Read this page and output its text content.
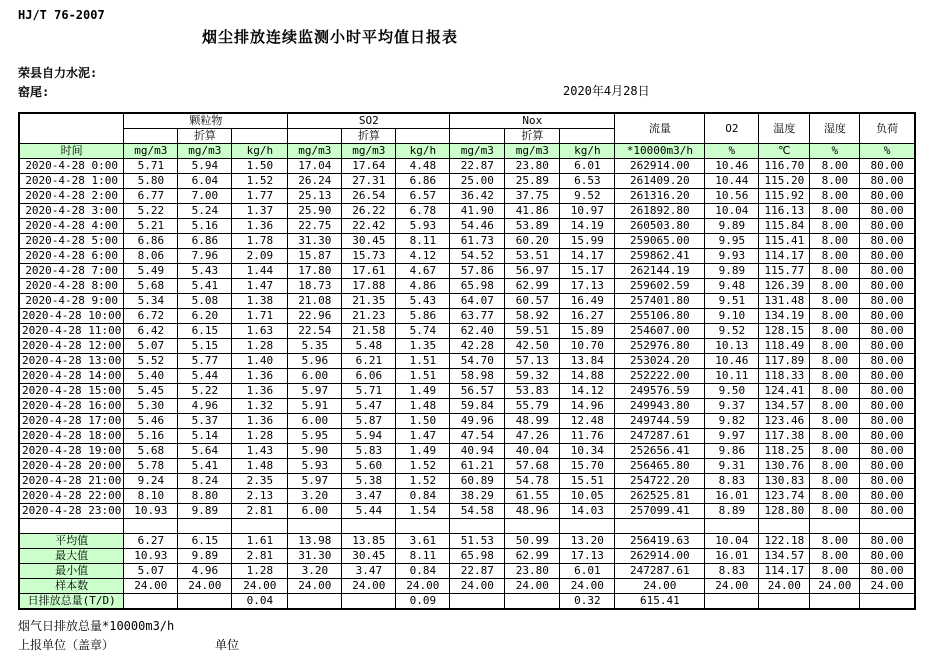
HJ/T 76-2007
烟尘排放连续监测小时平均值日报表
荣县自力水泥:
窑尾:	2020年4月28日
	颗粒物			SO2			Nox			流量	O2	温度	湿度	负荷
		折算			折算			折算						
时间	mg/m3	mg/m3	kg/h	mg/m3	mg/m3	kg/h	mg/m3	mg/m3	kg/h	*10000m3/h	%	℃	%	%
2020-4-28 0:00	5.71	5.94	1.50	17.04	17.64	4.48	22.87	23.80	6.01	262914.00	10.46	116.70	8.00	80.00
2020-4-28 1:00	5.80	6.04	1.52	26.24	27.31	6.86	25.00	25.89	6.53	261409.20	10.44	115.20	8.00	80.00
2020-4-28 2:00	6.77	7.00	1.77	25.13	26.54	6.57	36.42	37.75	9.52	261316.20	10.56	115.92	8.00	80.00
2020-4-28 3:00	5.22	5.24	1.37	25.90	26.22	6.78	41.90	41.86	10.97	261892.80	10.04	116.13	8.00	80.00
2020-4-28 4:00	5.21	5.16	1.36	22.75	22.42	5.93	54.46	53.89	14.19	260503.80	9.89	115.84	8.00	80.00
2020-4-28 5:00	6.86	6.86	1.78	31.30	30.45	8.11	61.73	60.20	15.99	259065.00	9.95	115.41	8.00	80.00
2020-4-28 6:00	8.06	7.96	2.09	15.87	15.73	4.12	54.52	53.51	14.17	259862.41	9.93	114.17	8.00	80.00
2020-4-28 7:00	5.49	5.43	1.44	17.80	17.61	4.67	57.86	56.97	15.17	262144.19	9.89	115.77	8.00	80.00
2020-4-28 8:00	5.68	5.41	1.47	18.73	17.88	4.86	65.98	62.99	17.13	259602.59	9.48	126.39	8.00	80.00
2020-4-28 9:00	5.34	5.08	1.38	21.08	21.35	5.43	64.07	60.57	16.49	257401.80	9.51	131.48	8.00	80.00
2020-4-28 10:00	6.72	6.20	1.71	22.96	21.23	5.86	63.77	58.92	16.27	255106.80	9.10	134.19	8.00	80.00
2020-4-28 11:00	6.42	6.15	1.63	22.54	21.58	5.74	62.40	59.51	15.89	254607.00	9.52	128.15	8.00	80.00
2020-4-28 12:00	5.07	5.15	1.28	5.35	5.48	1.35	42.28	42.50	10.70	252976.80	10.13	118.49	8.00	80.00
2020-4-28 13:00	5.52	5.77	1.40	5.96	6.21	1.51	54.70	57.13	13.84	253024.20	10.46	117.89	8.00	80.00
2020-4-28 14:00	5.40	5.44	1.36	6.00	6.06	1.51	58.98	59.32	14.88	252222.00	10.11	118.33	8.00	80.00
2020-4-28 15:00	5.45	5.22	1.36	5.97	5.71	1.49	56.57	53.83	14.12	249576.59	9.50	124.41	8.00	80.00
2020-4-28 16:00	5.30	4.96	1.32	5.91	5.47	1.48	59.84	55.79	14.96	249943.80	9.37	134.57	8.00	80.00
2020-4-28 17:00	5.46	5.37	1.36	6.00	5.87	1.50	49.96	48.99	12.48	249744.59	9.82	123.46	8.00	80.00
2020-4-28 18:00	5.16	5.14	1.28	5.95	5.94	1.47	47.54	47.26	11.76	247287.61	9.97	117.38	8.00	80.00
2020-4-28 19:00	5.68	5.64	1.43	5.90	5.83	1.49	40.94	40.04	10.34	252656.41	9.86	118.25	8.00	80.00
2020-4-28 20:00	5.78	5.41	1.48	5.93	5.60	1.52	61.21	57.68	15.70	256465.80	9.31	130.76	8.00	80.00
2020-4-28 21:00	9.24	8.24	2.35	5.97	5.38	1.52	60.89	54.78	15.51	254722.20	8.83	130.83	8.00	80.00
2020-4-28 22:00	8.10	8.80	2.13	3.20	3.47	0.84	38.29	61.55	10.05	262525.81	16.01	123.74	8.00	80.00
2020-4-28 23:00	10.93	9.89	2.81	6.00	5.44	1.54	54.58	48.96	14.03	257099.41	8.89	128.80	8.00	80.00

平均值	6.27	6.15	1.61	13.98	13.85	3.61	51.53	50.99	13.20	256419.63	10.04	122.18	8.00	80.00
最大值	10.93	9.89	2.81	31.30	30.45	8.11	65.98	62.99	17.13	262914.00	16.01	134.57	8.00	80.00
最小值	5.07	4.96	1.28	3.20	3.47	0.84	22.87	23.80	6.01	247287.61	8.83	114.17	8.00	80.00
样本数	24.00	24.00	24.00	24.00	24.00	24.00	24.00	24.00	24.00	24.00	24.00	24.00	24.00	24.00
日排放总量(T/D)			0.04			0.09			0.32	615.41				
烟气日排放总量*10000m3/h
上报单位（盖章）	单位
